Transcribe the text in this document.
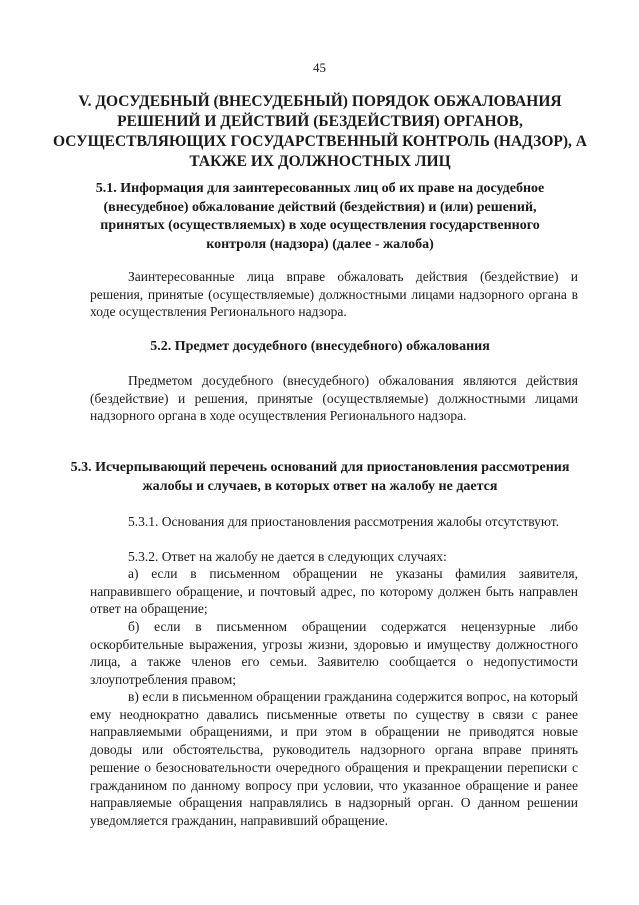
45
V. ДОСУДЕБНЫЙ (ВНЕСУДЕБНЫЙ) ПОРЯДОК ОБЖАЛОВАНИЯ РЕШЕНИЙ И ДЕЙСТВИЙ (БЕЗДЕЙСТВИЯ) ОРГАНОВ, ОСУЩЕСТВЛЯЮЩИХ ГОСУДАРСТВЕННЫЙ КОНТРОЛЬ (НАДЗОР), А ТАКЖЕ ИХ ДОЛЖНОСТНЫХ ЛИЦ
5.1. Информация для заинтересованных лиц об их праве на досудебное (внесудебное) обжалование действий (бездействия) и (или) решений, принятых (осуществляемых) в ходе осуществления государственного контроля (надзора) (далее - жалоба)

Заинтересованные лица вправе обжаловать действия (бездействие) и решения, принятые (осуществляемые) должностными лицами надзорного органа в ходе осуществления Регионального надзора.

5.2. Предмет досудебного (внесудебного) обжалования

Предметом досудебного (внесудебного) обжалования являются действия (бездействие) и решения, принятые (осуществляемые) должностными лицами надзорного органа в ходе осуществления Регионального надзора.

5.3. Исчерпывающий перечень оснований для приостановления рассмотрения жалобы и случаев, в которых ответ на жалобу не дается

5.3.1. Основания для приостановления рассмотрения жалобы отсутствуют.

5.3.2. Ответ на жалобу не дается в следующих случаях:

а) если в письменном обращении не указаны фамилия заявителя, направившего обращение, и почтовый адрес, по которому должен быть направлен ответ на обращение;

б) если в письменном обращении содержатся нецензурные либо оскорбительные выражения, угрозы жизни, здоровью и имуществу должностного лица, а также членов его семьи. Заявителю сообщается о недопустимости злоупотребления правом;

в) если в письменном обращении гражданина содержится вопрос, на который ему неоднократно давались письменные ответы по существу в связи с ранее направляемыми обращениями, и при этом в обращении не приводятся новые доводы или обстоятельства, руководитель надзорного органа вправе принять решение о безосновательности очередного обращения и прекращении переписки с гражданином по данному вопросу при условии, что указанное обращение и ранее направляемые обращения направлялись в надзорный орган. О данном решении уведомляется гражданин, направивший обращение.
